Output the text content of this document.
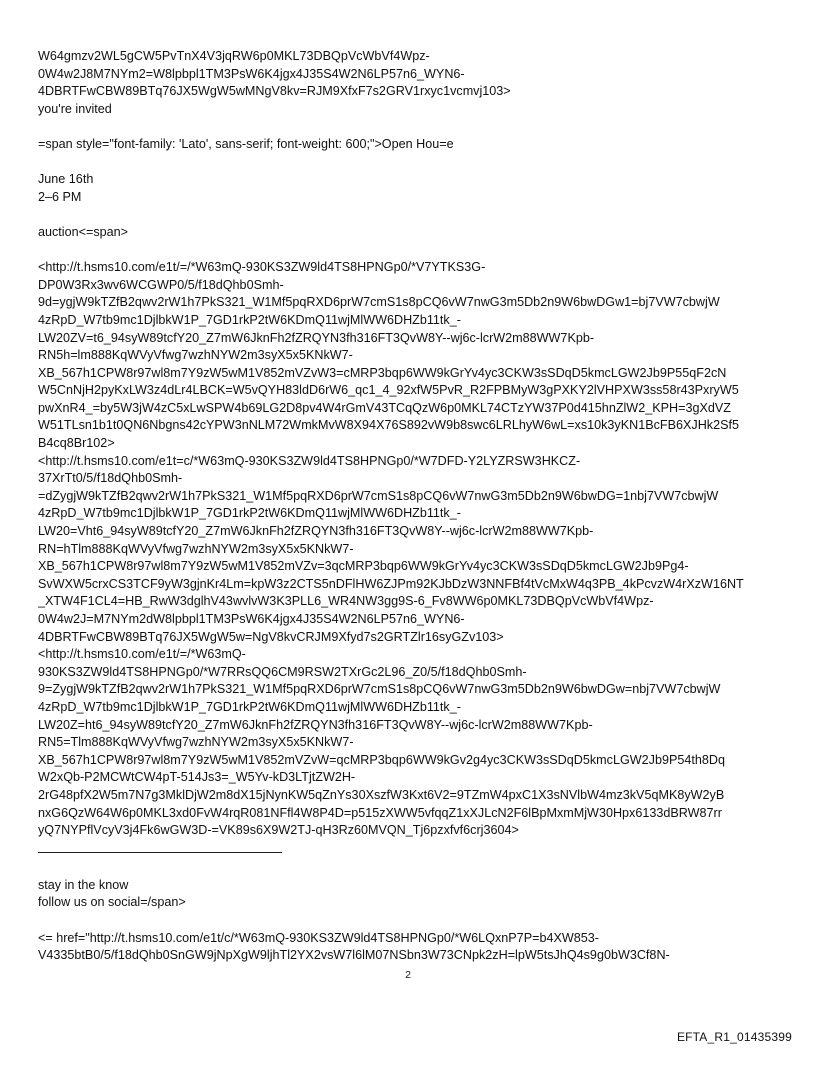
W64gmzv2WL5gCW5PvTnX4V3jqRW6p0MKL73DBQpVcWbVf4Wpz-
0W4w2J8M7NYm2=W8lpbpl1TM3PsW6K4jgx4J35S4W2N6LP57n6_WYN6-
4DBRTFwCBW89BTq76JX5WgW5wMNgV8kv=RJM9XfxF7s2GRV1rxyc1vcmvj103>
you're invited
=span style="font-family: 'Lato', sans-serif; font-weight: 600;">Open Hou=e
June 16th
2–6 PM
auction<=span>
<http://t.hsms10.com/e1t/=/*W63mQ-930KS3ZW9ld4TS8HPNGp0/*V7YTKS3G-
DP0W3Rx3wv6WCGWP0/5/f18dQhb0Smh-
9d=ygjW9kTZfB2qwv2rW1h7PkS321_W1Mf5pqRXD6prW7cmS1s8pCQ6vW7nwG3m5Db2n9W6bwDGw1=bj7VW7cbwjW
4zRpD_W7tb9mc1DjlbkW1P_7GD1rkP2tW6KDmQ11wjMlWW6DHZb11tk_-
LW20ZV=t6_94syW89tcfY20_Z7mW6JknFh2fZRQYN3fh316FT3QvW8Y--wj6c-lcrW2m88WW7Kpb-
RN5h=lm888KqWVyVfwg7wzhNYW2m3syX5x5KNkW7-
XB_567h1CPW8r97wl8m7Y9zW5wM1V852mVZvW3=cMRP3bqp6WW9kGrYv4yc3CKW3sSDqD5kmcLGW2Jb9P55qF2cN
W5CnNjH2pyKxLW3z4dLr4LBCK=W5vQYH83ldD6rW6_qc1_4_92xfW5PvR_R2FPBMyW3gPXKY2lVHPXW3ss58r43PxryW5
pwXnR4_=by5W3jW4zC5xLwSPW4b69LG2D8pv4W4rGmV43TCqQzW6p0MKL74CTzYW37P0d415hnZlW2_KPH=3gXdVZ
W51TLsn1b1t0QN6Nbgns42cYPW3nNLM72WmkMvW8X94X76S892vW9b8swc6LRLhyW6wL=xs10k3yKN1BcFB6XJHk2Sf5
B4cq8Br102>
<http://t.hsms10.com/e1t=c/*W63mQ-930KS3ZW9ld4TS8HPNGp0/*W7DFD-Y2LYZRSW3HKCZ-
37XrTt0/5/f18dQhb0Smh-
=dZygjW9kTZfB2qwv2rW1h7PkS321_W1Mf5pqRXD6prW7cmS1s8pCQ6vW7nwG3m5Db2n9W6bwDG=1nbj7VW7cbwjW
4zRpD_W7tb9mc1DjlbkW1P_7GD1rkP2tW6KDmQ11wjMlWW6DHZb11tk_-
LW20=Vht6_94syW89tcfY20_Z7mW6JknFh2fZRQYN3fh316FT3QvW8Y--wj6c-lcrW2m88WW7Kpb-
RN=hTlm888KqWVyVfwg7wzhNYW2m3syX5x5KNkW7-
XB_567h1CPW8r97wl8m7Y9zW5wM1V852mVZv=3qcMRP3bqp6WW9kGrYv4yc3CKW3sSDqD5kmcLGW2Jb9Pg4-
SvWXW5crxCS3TCF9yW3gjnKr4Lm=kpW3z2CTS5nDFlHW6ZJPm92KJbDzW3NNFBf4tVcMxW4q3PB_4kPcvzW4rXzW16NT
_XTW4F1CL4=HB_RwW3dglhV43wvlvW3K3PLL6_WR4NW3gg9S-6_Fv8WW6p0MKL73DBQpVcWbVf4Wpz-
0W4w2J=M7NYm2dW8lpbpl1TM3PsW6K4jgx4J35S4W2N6LP57n6_WYN6-
4DBRTFwCBW89BTq76JX5WgW5w=NgV8kvCRJM9Xfyd7s2GRTZlr16syGZv103>
<http://t.hsms10.com/e1t/=/*W63mQ-
930KS3ZW9ld4TS8HPNGp0/*W7RRsQQ6CM9RSW2TXrGc2L96_Z0/5/f18dQhb0Smh-
9=ZygjW9kTZfB2qwv2rW1h7PkS321_W1Mf5pqRXD6prW7cmS1s8pCQ6vW7nwG3m5Db2n9W6bwDGw=nbj7VW7cbwjW
4zRpD_W7tb9mc1DjlbkW1P_7GD1rkP2tW6KDmQ11wjMlWW6DHZb11tk_-
LW20Z=ht6_94syW89tcfY20_Z7mW6JknFh2fZRQYN3fh316FT3QvW8Y--wj6c-lcrW2m88WW7Kpb-
RN5=Tlm888KqWVyVfwg7wzhNYW2m3syX5x5KNkW7-
XB_567h1CPW8r97wl8m7Y9zW5wM1V852mVZvW=qcMRP3bqp6WW9kGv2g4yc3CKW3sSDqD5kmcLGW2Jb9P54th8Dq
W2xQb-P2MCWtCW4pT-514Js3=_W5Yv-kD3LTjtZW2H-
2rG48pfX2W5m7N7g3MklDjW2m8dX15jNynKW5qZnYs30XszfW3Kxt6V2=9TZmW4pxC1X3sNVlbW4mz3kV5qMK8yW2yB
nxG6QzW64W6p0MKL3xd0FvW4rqR081NFfl4W8P4D=p515zXWW5vfqqZ1xXJLcN2F6lBpMxmMjW30Hpx6133dBRW87rr
yQ7NYPflVcyV3j4Fk6wGW3D-=VK89s6X9W2TJ-qH3Rz60MVQN_Tj6pzxfvf6crj3604>
stay in the know
follow us on social=/span>
<= href="http://t.hsms10.com/e1t/c/*W63mQ-930KS3ZW9ld4TS8HPNGp0/*W6LQxnP7P=b4XW853-
V4335btB0/5/f18dQhb0SnGW9jNpXgW9ljhTl2YX2vsW7l6lM07NSbn3W73CNpk2zH=lpW5tsJhQ4s9g0bW3Cf8N-
2
EFTA_R1_01435399
